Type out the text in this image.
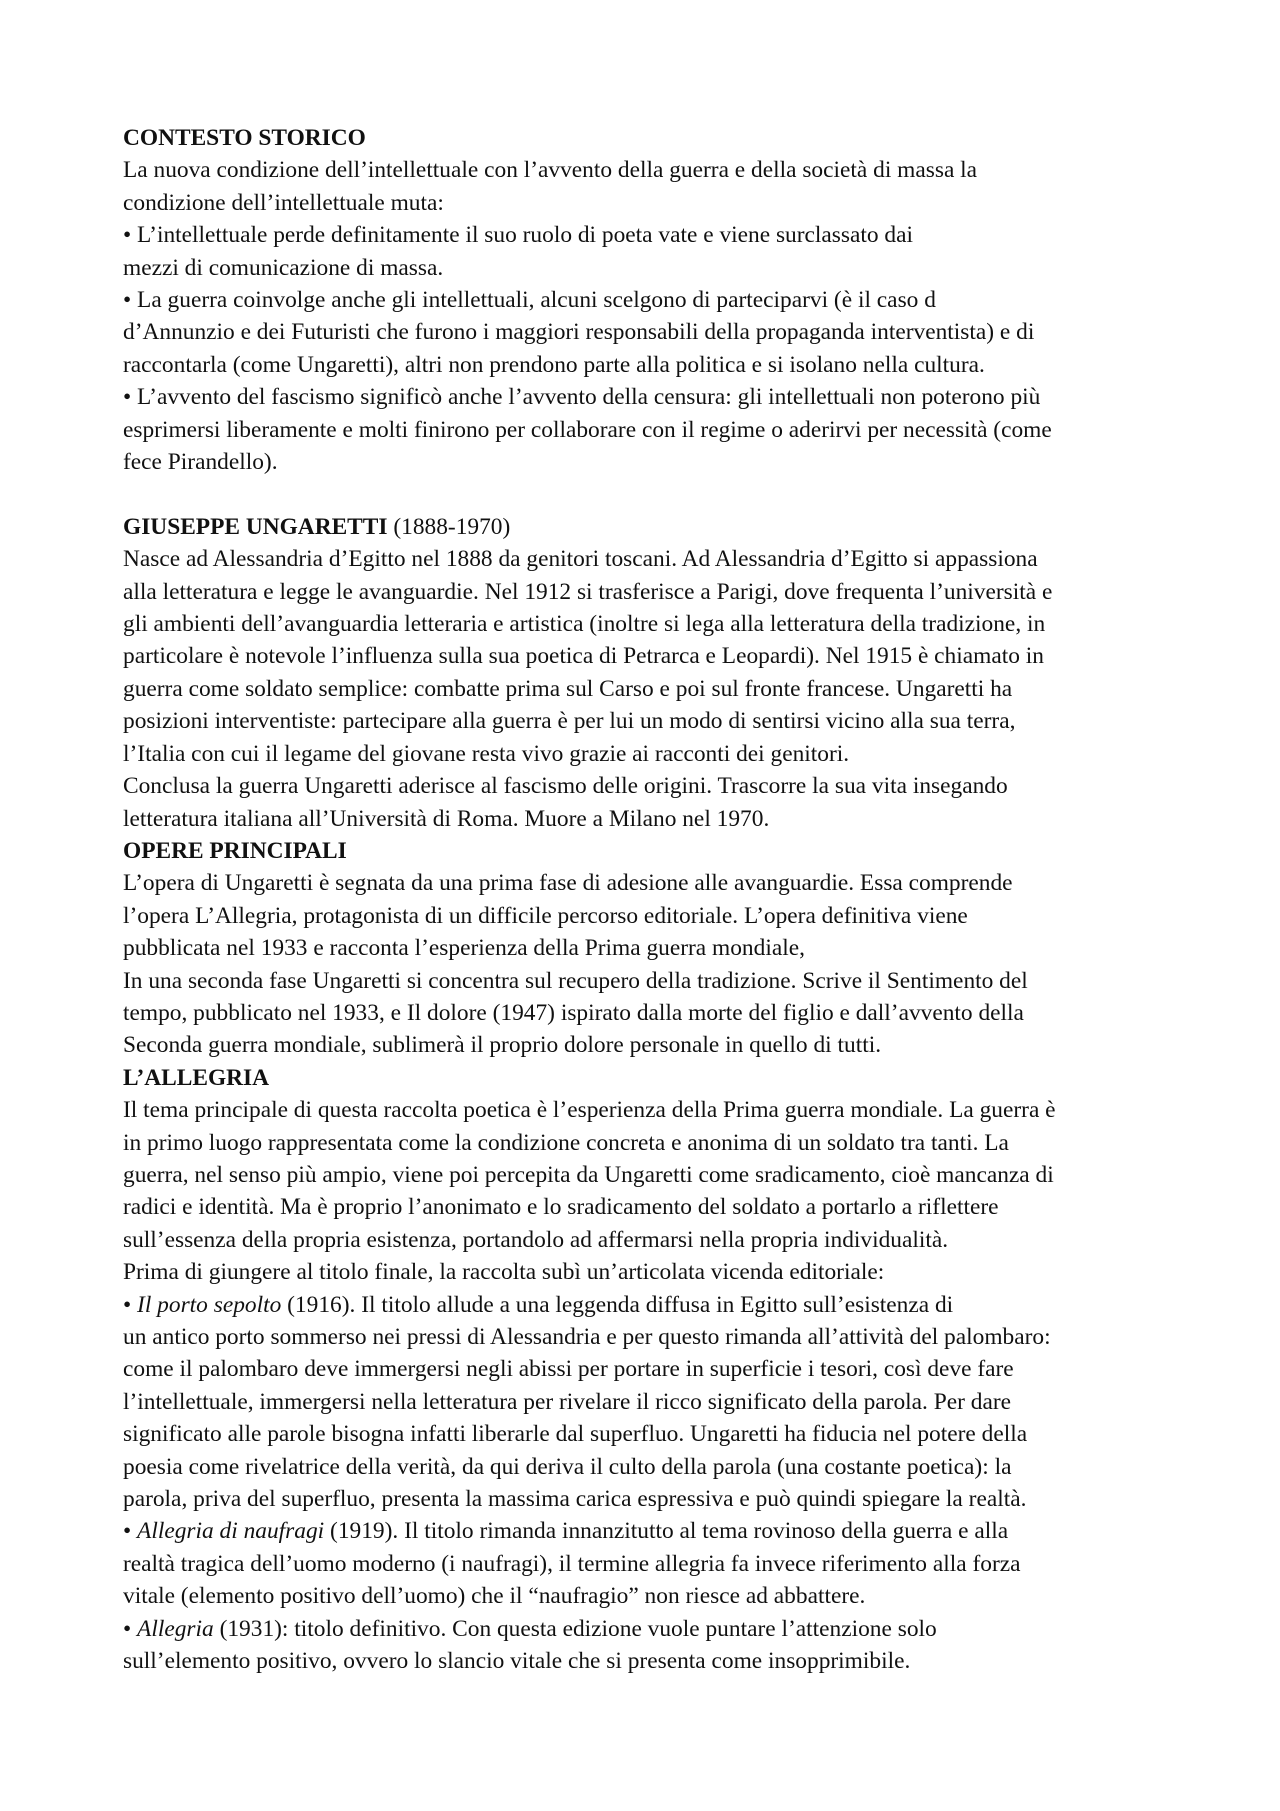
CONTESTO STORICO
La nuova condizione dell’intellettuale con l’avvento della guerra e della società di massa la
condizione dell’intellettuale muta:
• L’intellettuale perde definitamente il suo ruolo di poeta vate e viene surclassato dai
mezzi di comunicazione di massa.
• La guerra coinvolge anche gli intellettuali, alcuni scelgono di parteciparvi (è il caso d
d’Annunzio e dei Futuristi che furono i maggiori responsabili della propaganda interventista) e di
raccontarla (come Ungaretti), altri non prendono parte alla politica e si isolano nella cultura.
• L’avvento del fascismo significò anche l’avvento della censura: gli intellettuali non poterono più
esprimersi liberamente e molti finirono per collaborare con il regime o aderirvi per necessità (come
fece Pirandello).
GIUSEPPE UNGARETTI (1888-1970)
Nasce ad Alessandria d’Egitto nel 1888 da genitori toscani. Ad Alessandria d’Egitto si appassiona
alla letteratura e legge le avanguardie. Nel 1912 si trasferisce a Parigi, dove frequenta l’università e
gli ambienti dell’avanguardia letteraria e artistica (inoltre si lega alla letteratura della tradizione, in
particolare è notevole l’influenza sulla sua poetica di Petrarca e Leopardi). Nel 1915 è chiamato in
guerra come soldato semplice: combatte prima sul Carso e poi sul fronte francese. Ungaretti ha
posizioni interventiste: partecipare alla guerra è per lui un modo di sentirsi vicino alla sua terra,
l’Italia con cui il legame del giovane resta vivo grazie ai racconti dei genitori.
Conclusa la guerra Ungaretti aderisce al fascismo delle origini. Trascorre la sua vita insegando
letteratura italiana all’Università di Roma. Muore a Milano nel 1970.
OPERE PRINCIPALI
L’opera di Ungaretti è segnata da una prima fase di adesione alle avanguardie. Essa comprende
l’opera L’Allegria, protagonista di un difficile percorso editoriale. L’opera definitiva viene
pubblicata nel 1933 e racconta l’esperienza della Prima guerra mondiale,
In una seconda fase Ungaretti si concentra sul recupero della tradizione. Scrive il Sentimento del
tempo, pubblicato nel 1933, e Il dolore (1947) ispirato dalla morte del figlio e dall’avvento della
Seconda guerra mondiale, sublimerà il proprio dolore personale in quello di tutti.
L’ALLEGRIA
Il tema principale di questa raccolta poetica è l’esperienza della Prima guerra mondiale. La guerra è
in primo luogo rappresentata come la condizione concreta e anonima di un soldato tra tanti. La
guerra, nel senso più ampio, viene poi percepita da Ungaretti come sradicamento, cioè mancanza di
radici e identità. Ma è proprio l’anonimato e lo sradicamento del soldato a portarlo a riflettere
sull’essenza della propria esistenza, portandolo ad affermarsi nella propria individualità.
Prima di giungere al titolo finale, la raccolta subì un’articolata vicenda editoriale:
• Il porto sepolto (1916). Il titolo allude a una leggenda diffusa in Egitto sull’esistenza di
un antico porto sommerso nei pressi di Alessandria e per questo rimanda all’attività del palombaro:
come il palombaro deve immergersi negli abissi per portare in superficie i tesori, così deve fare
l’intellettuale, immergersi nella letteratura per rivelare il ricco significato della parola. Per dare
significato alle parole bisogna infatti liberarle dal superfluo. Ungaretti ha fiducia nel potere della
poesia come rivelatrice della verità, da qui deriva il culto della parola (una costante poetica): la
parola, priva del superfluo, presenta la massima carica espressiva e può quindi spiegare la realtà.
• Allegria di naufragi (1919). Il titolo rimanda innanzitutto al tema rovinoso della guerra e alla
realtà tragica dell’uomo moderno (i naufragi), il termine allegria fa invece riferimento alla forza
vitale (elemento positivo dell’uomo) che il “naufragio” non riesce ad abbattere.
• Allegria (1931): titolo definitivo. Con questa edizione vuole puntare l’attenzione solo
sull’elemento positivo, ovvero lo slancio vitale che si presenta come insopprimibile.
